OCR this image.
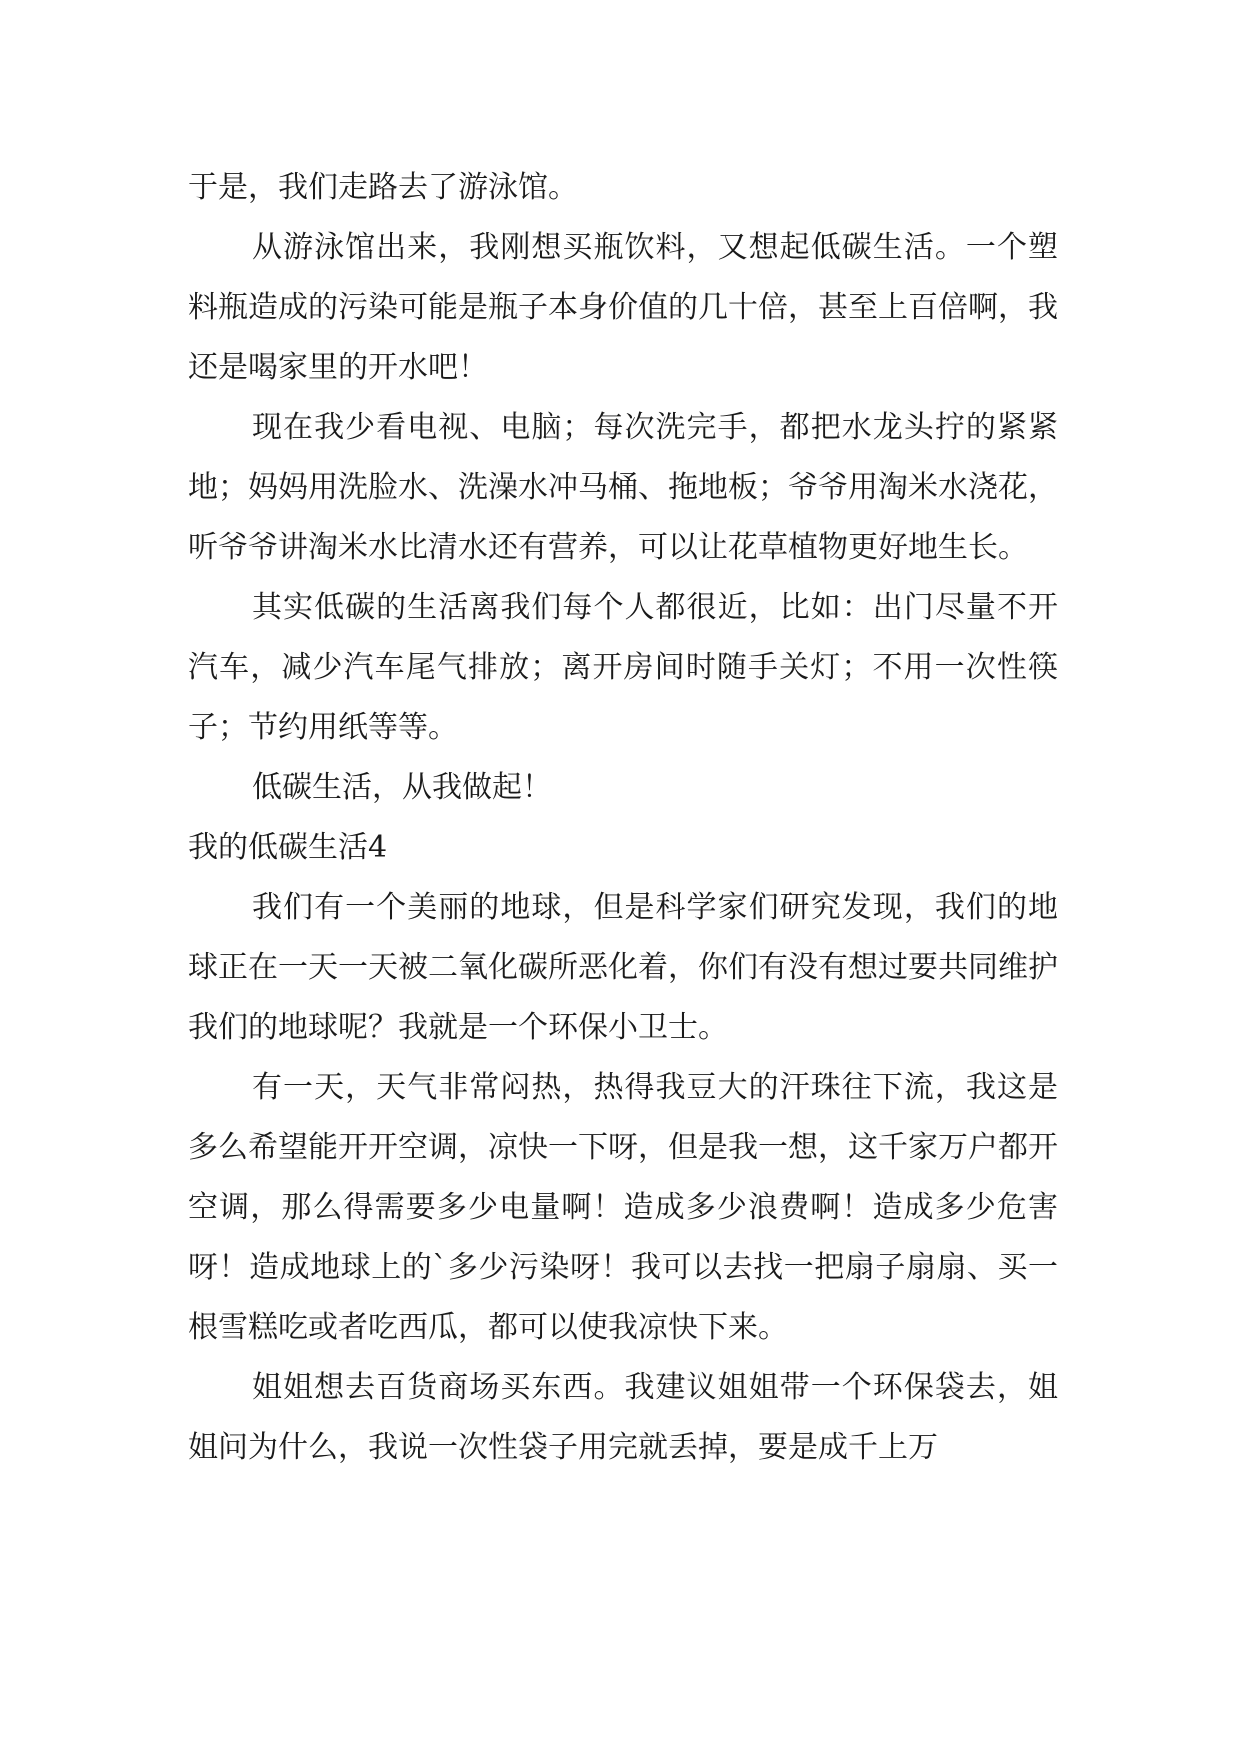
于是，我们走路去了游泳馆。

从游泳馆出来，我刚想买瓶饮料，又想起低碳生活。一个塑料瓶造成的污染可能是瓶子本身价值的几十倍，甚至上百倍啊，我还是喝家里的开水吧！

现在我少看电视、电脑；每次洗完手，都把水龙头拧的紧紧地；妈妈用洗脸水、洗澡水冲马桶、拖地板；爷爷用淘米水浇花，听爷爷讲淘米水比清水还有营养，可以让花草植物更好地生长。

其实低碳的生活离我们每个人都很近，比如：出门尽量不开汽车，减少汽车尾气排放；离开房间时随手关灯；不用一次性筷子；节约用纸等等。

低碳生活，从我做起！

我的低碳生活4

我们有一个美丽的地球，但是科学家们研究发现，我们的地球正在一天一天被二氧化碳所恶化着，你们有没有想过要共同维护我们的地球呢？我就是一个环保小卫士。

有一天，天气非常闷热，热得我豆大的汗珠往下流，我这是多么希望能开开空调，凉快一下呀，但是我一想，这千家万户都开空调，那么得需要多少电量啊！造成多少浪费啊！造成多少危害呀！造成地球上的`多少污染呀！我可以去找一把扇子扇扇、买一根雪糕吃或者吃西瓜，都可以使我凉快下来。

姐姐想去百货商场买东西。我建议姐姐带一个环保袋去，姐姐问为什么，我说一次性袋子用完就丢掉，要是成千上万
